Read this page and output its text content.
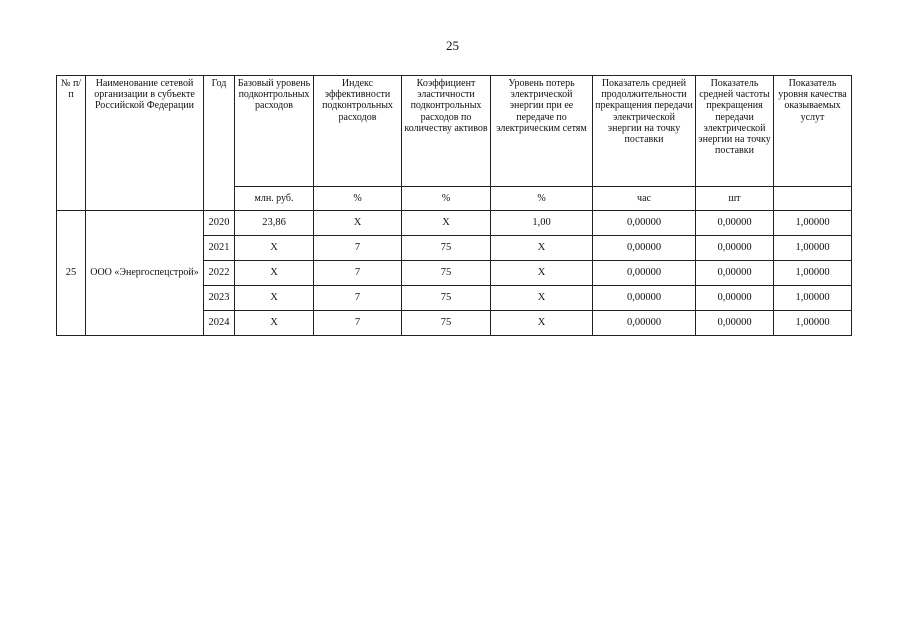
25
№ п/п	Наименование сетевой организации в субъекте Российской Федерации	Год	Базовый уровень подконтрольных расходов	Индекс эффективности подконтрольных расходов	Коэффициент эластичности подконтрольных расходов по количеству активов	Уровень потерь электрической энергии при ее передаче по электрическим сетям	Показатель средней продолжительности прекращения передачи электрической энергии на точку поставки	Показатель средней частоты прекращения передачи электрической энергии на точку поставки	Показатель уровня качества оказываемых услут
			млн. руб.	%	%	%	час	шт	
25	ООО «Энергоспецстрой»	2020	23,86	X	X	1,00	0,00000	0,00000	1,00000
		2021	X	7	75	X	0,00000	0,00000	1,00000
		2022	X	7	75	X	0,00000	0,00000	1,00000
		2023	X	7	75	X	0,00000	0,00000	1,00000
		2024	X	7	75	X	0,00000	0,00000	1,00000
